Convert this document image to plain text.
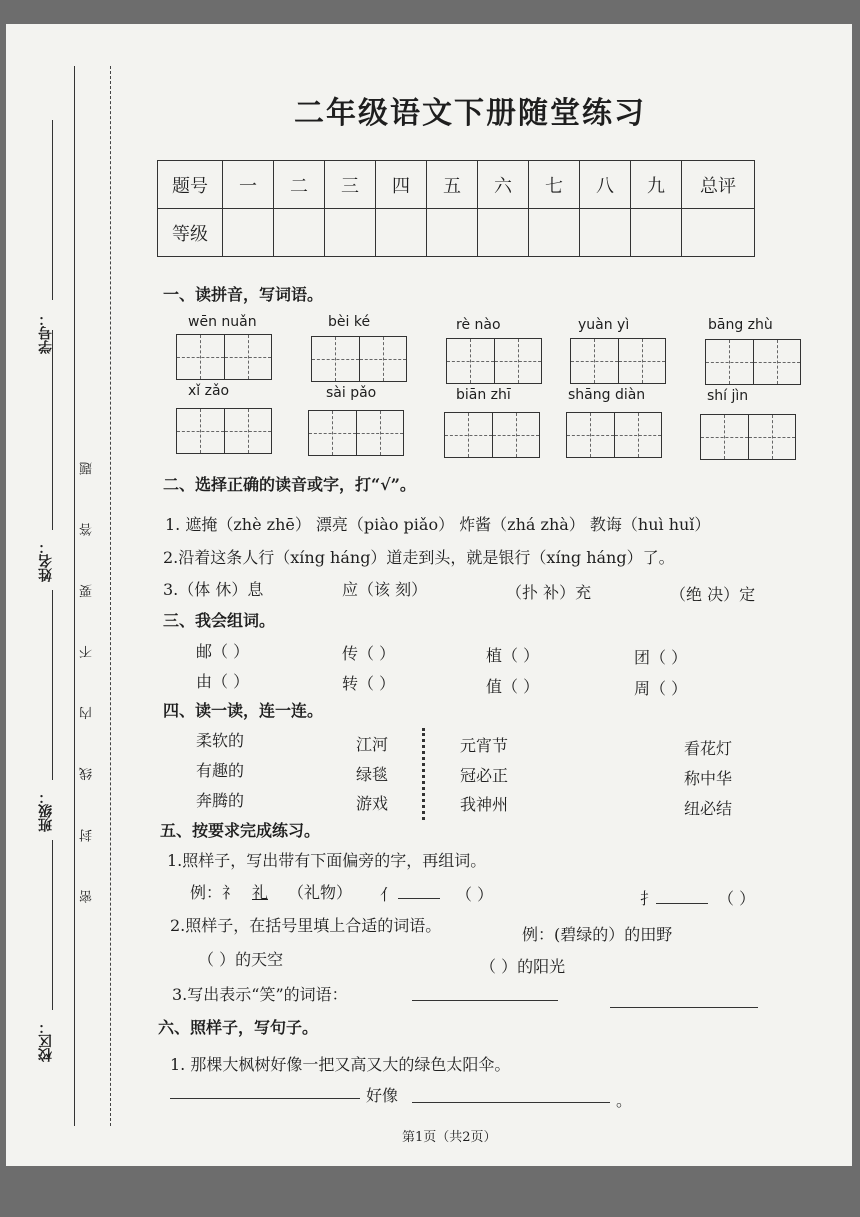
学号：
姓名：
班级：
校区：
密 封 线 内 不 要 答 题
二年级语文下册随堂练习
题号	一	二	三	四	五	六	七	八	九	总评
等级										
一、读拼音，写词语。
wēn nuǎn	bèi ké	rè nào	yuàn yì	bāng zhù
xǐ zǎo	sài pǎo	biān zhī	shāng diàn	shí jìn
二、选择正确的读音或字，打“√”。
1. 遮掩（zhè zhē） 漂亮（piào piǎo） 炸酱（zhá zhà） 教诲（huì huǐ）
2.沿着这条人行（xíng háng）道走到头，就是银行（xíng háng）了。
3.（体 休）息	应（该 刻）	（扑 补）充	（绝 决）定
三、我会组词。
邮（ ）	传（ ）	植（ ）	团（ ）
由（ ）	转（ ）	值（ ）	周（ ）
四、读一读，连一连。
柔软的
有趣的
奔腾的
江河
绿毯
游戏
元宵节
冠必正
我神州
看花灯
称中华
纽必结
五、按要求完成练习。
1.照样子，写出带有下面偏旁的字，再组词。
例：礻 礼 （礼物） 亻	（ ）	扌	（ ）
2.照样子，在括号里填上合适的词语。	例：(碧绿的）的田野
（ ）的天空	（ ）的阳光
3.写出表示“笑”的词语：
六、照样子，写句子。
1. 那棵大枫树好像一把又高又大的绿色太阳伞。
好像	。
第1页（共2页）
